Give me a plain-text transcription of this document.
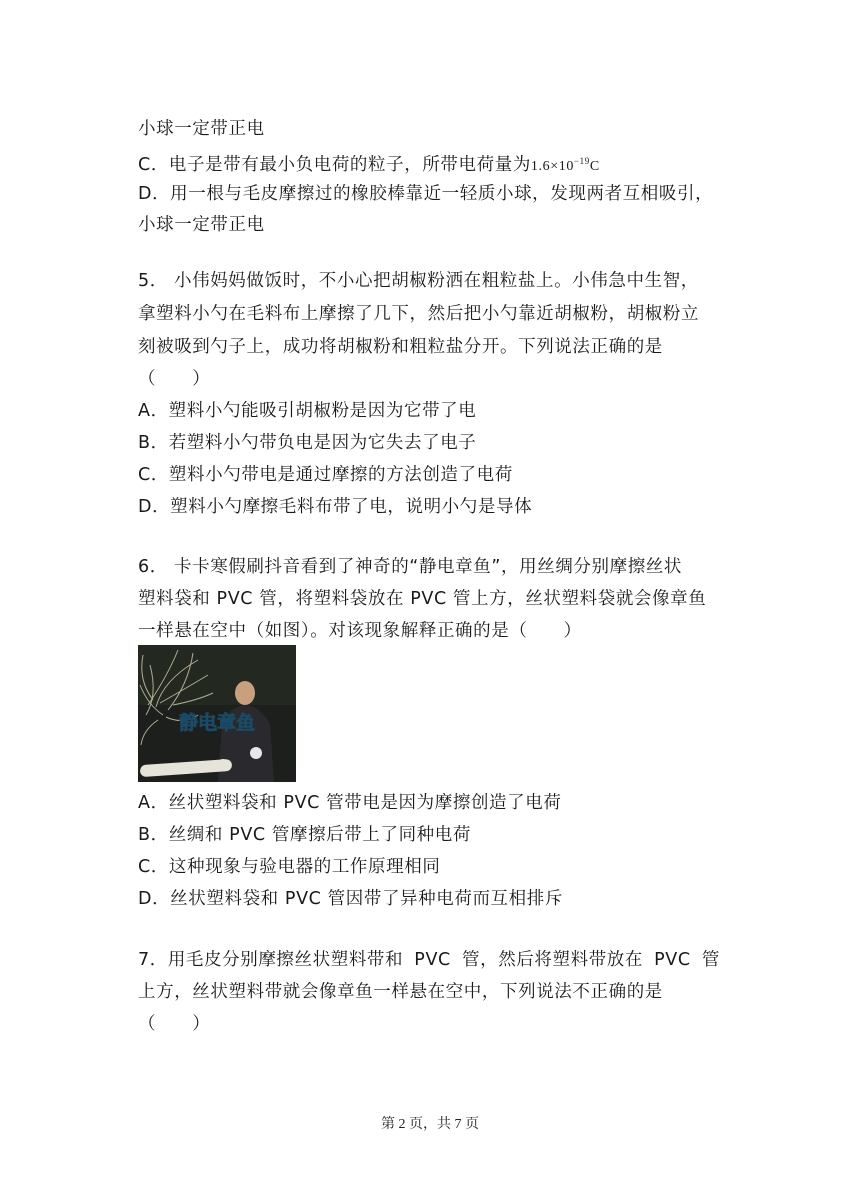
小球一定带正电
C．电子是带有最小负电荷的粒子，所带电荷量为$1.6\times 10^{-19}C$
D．用一根与毛皮摩擦过的橡胶棒靠近一轻质小球，发现两者互相吸引，
小球一定带正电
5． 小伟妈妈做饭时，不小心把胡椒粉洒在粗粒盐上。小伟急中生智，
拿塑料小勺在毛料布上摩擦了几下，然后把小勺靠近胡椒粉，胡椒粉立
刻被吸到勺子上，成功将胡椒粉和粗粒盐分开。下列说法正确的是
（　　）
A．塑料小勺能吸引胡椒粉是因为它带了电
B．若塑料小勺带负电是因为它失去了电子
C．塑料小勺带电是通过摩擦的方法创造了电荷
D．塑料小勺摩擦毛料布带了电，说明小勺是导体
6． 卡卡寒假刷抖音看到了神奇的“静电章鱼”，用丝绸分别摩擦丝状
塑料袋和 PVC 管，将塑料袋放在 PVC 管上方，丝状塑料袋就会像章鱼
一样悬在空中（如图）。对该现象解释正确的是（　　）
静电章鱼
A．丝状塑料袋和 PVC 管带电是因为摩擦创造了电荷
B．丝绸和 PVC 管摩擦后带上了同种电荷
C．这种现象与验电器的工作原理相同
D．丝状塑料袋和 PVC 管因带了异种电荷而互相排斥
7．用毛皮分别摩擦丝状塑料带和 PVC 管，然后将塑料带放在 PVC 管
上方，丝状塑料带就会像章鱼一样悬在空中，下列说法不正确的是
（　　）
第 2 页，共 7 页
